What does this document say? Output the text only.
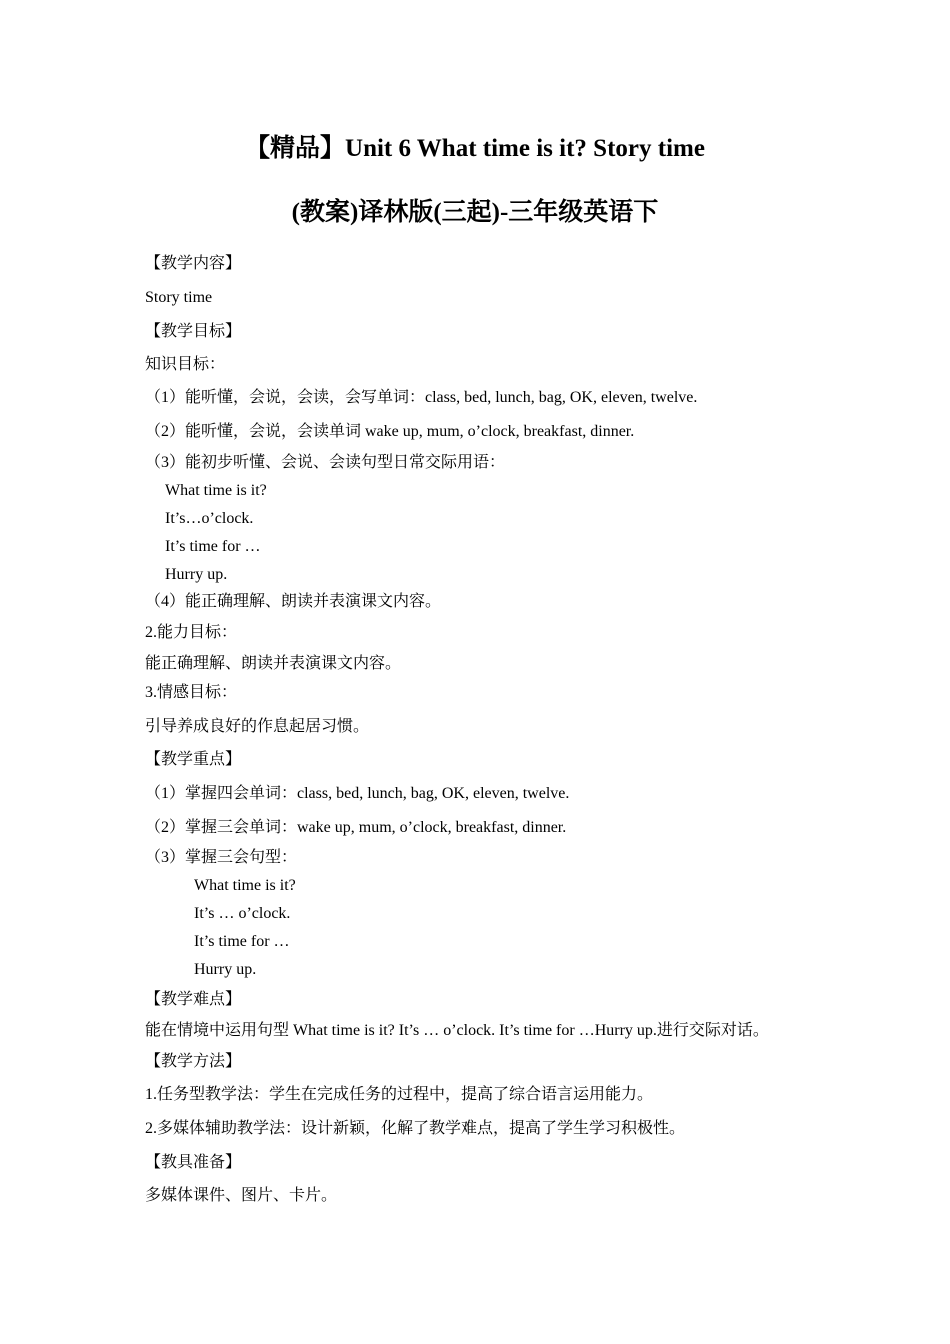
【精品】Unit 6 What time is it? Story time
(教案)译林版(三起)-三年级英语下
【教学内容】
Story time
【教学目标】
知识目标：
（1）能听懂，会说，会读，会写单词：class, bed, lunch, bag, OK, eleven, twelve.
（2）能听懂，会说，会读单词 wake up, mum, o’clock, breakfast, dinner.
（3）能初步听懂、会说、会读句型日常交际用语：
What time is it?
It’s…o’clock.
It’s time for …
Hurry up.
（4）能正确理解、朗读并表演课文内容。
2.能力目标：
能正确理解、朗读并表演课文内容。
3.情感目标：
引导养成良好的作息起居习惯。
【教学重点】
（1）掌握四会单词：class, bed, lunch, bag, OK, eleven, twelve.
（2）掌握三会单词：wake up, mum, o’clock, breakfast, dinner.
（3）掌握三会句型：
What time is it?
It’s … o’clock.
It’s time for …
Hurry up.
【教学难点】
能在情境中运用句型 What time is it? It’s … o’clock. It’s time for …Hurry up.进行交际对话。
【教学方法】
1.任务型教学法：学生在完成任务的过程中，提高了综合语言运用能力。
2.多媒体辅助教学法：设计新颖，化解了教学难点，提高了学生学习积极性。
【教具准备】
多媒体课件、图片、卡片。
